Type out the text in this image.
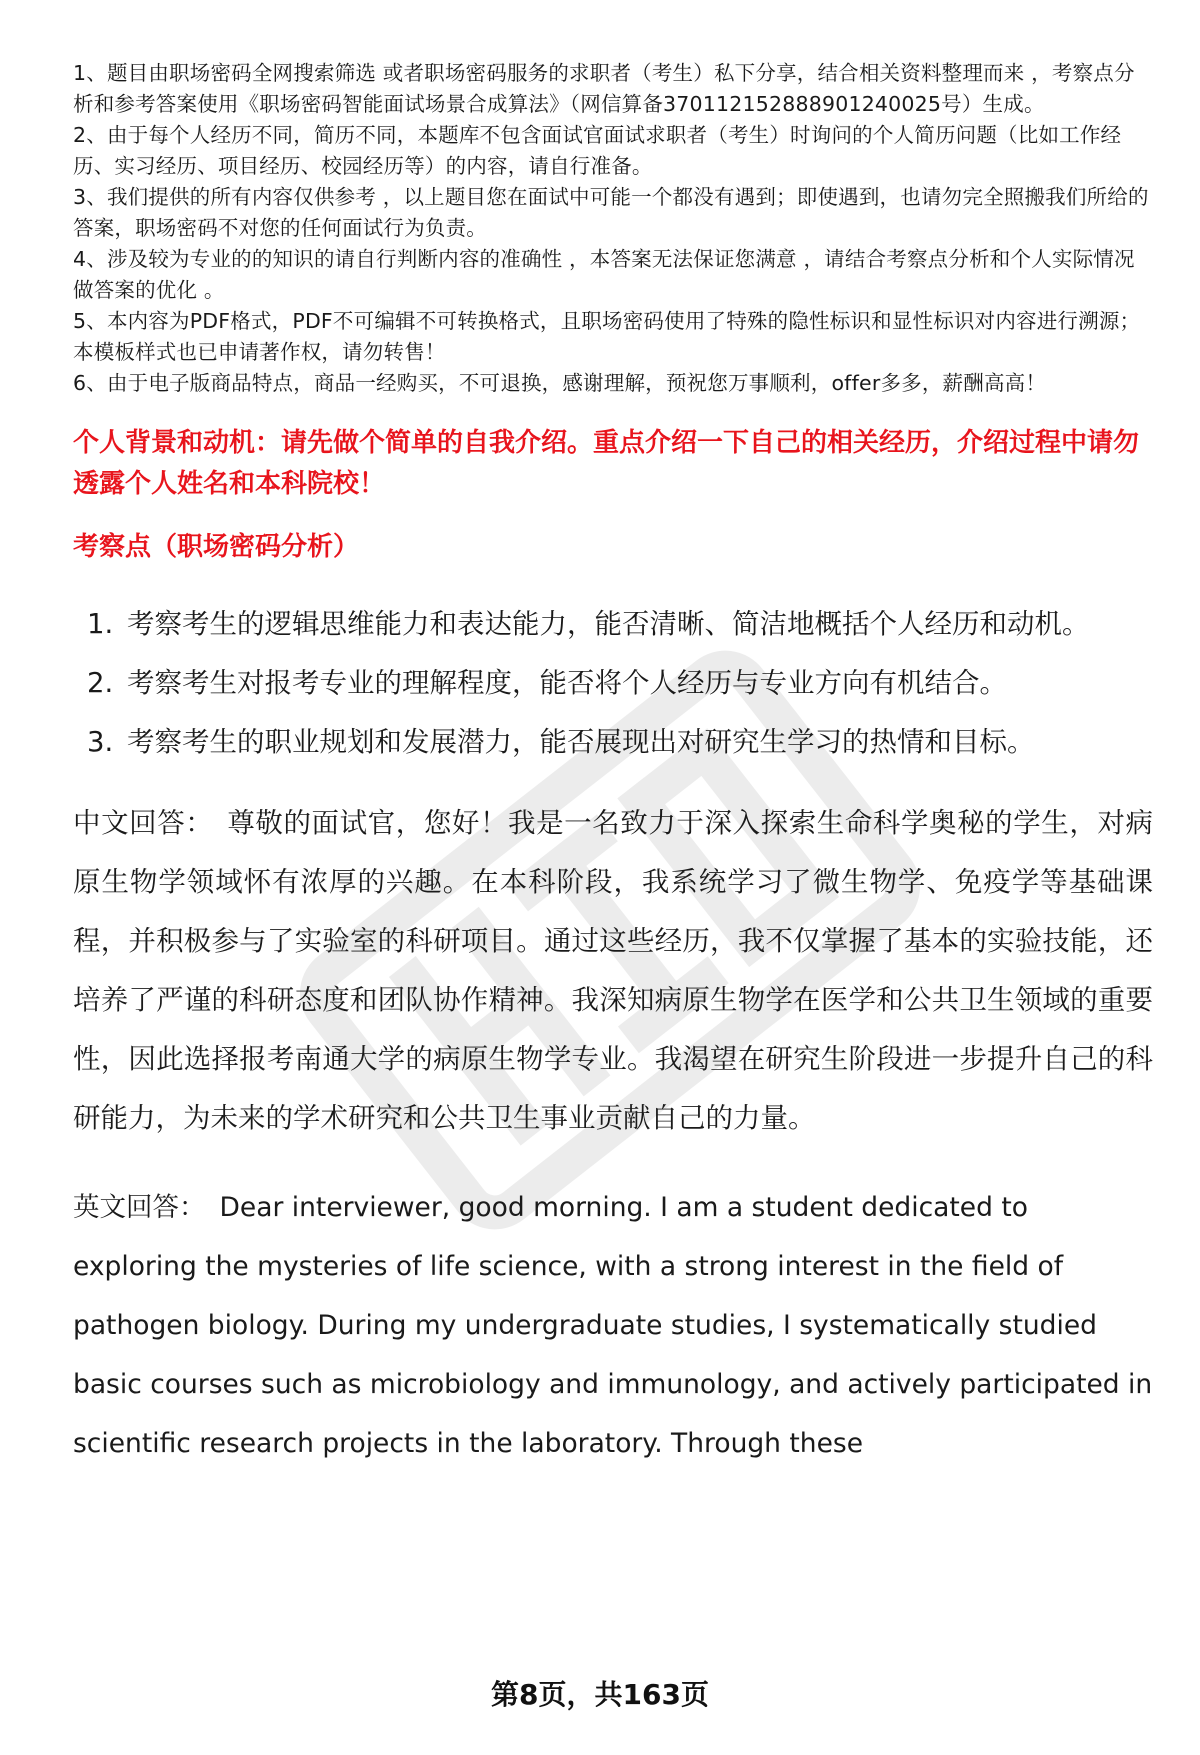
1、题目由职场密码全网搜索筛选 或者职场密码服务的求职者（考生）私下分享，结合相关资料整理而来 ，考察点分析和参考答案使用《职场密码智能面试场景合成算法》（网信算备370112152888901240025号）生成。

2、由于每个人经历不同，简历不同，本题库不包含面试官面试求职者（考生）时询问的个人简历问题（比如工作经历、实习经历、项目经历、校园经历等）的内容，请自行准备。

3、我们提供的所有内容仅供参考 ，以上题目您在面试中可能一个都没有遇到；即使遇到，也请勿完全照搬我们所给的答案，职场密码不对您的任何面试行为负责。

4、涉及较为专业的的知识的请自行判断内容的准确性 ，本答案无法保证您满意 ，请结合考察点分析和个人实际情况做答案的优化 。

5、本内容为PDF格式，PDF不可编辑不可转换格式，且职场密码使用了特殊的隐性标识和显性标识对内容进行溯源；本模板样式也已申请著作权，请勿转售！

6、由于电子版商品特点，商品一经购买，不可退换，感谢理解，预祝您万事顺利，offer多多，薪酬高高！

个人背景和动机：请先做个简单的自我介绍。重点介绍一下自己的相关经历，介绍过程中请勿透露个人姓名和本科院校！
考察点（职场密码分析）
1. 考察考生的逻辑思维能力和表达能力，能否清晰、简洁地概括个人经历和动机。
2. 考察考生对报考专业的理解程度，能否将个人经历与专业方向有机结合。
3. 考察考生的职业规划和发展潜力，能否展现出对研究生学习的热情和目标。

中文回答： 尊敬的面试官，您好！我是一名致力于深入探索生命科学奥秘的学生，对病原生物学领域怀有浓厚的兴趣。在本科阶段，我系统学习了微生物学、免疫学等基础课程，并积极参与了实验室的科研项目。通过这些经历，我不仅掌握了基本的实验技能，还培养了严谨的科研态度和团队协作精神。我深知病原生物学在医学和公共卫生领域的重要性，因此选择报考南通大学的病原生物学专业。我渴望在研究生阶段进一步提升自己的科研能力，为未来的学术研究和公共卫生事业贡献自己的力量。

英文回答： Dear interviewer, good morning. I am a student dedicated to exploring the mysteries of life science, with a strong interest in the field of pathogen biology. During my undergraduate studies, I systematically studied basic courses such as microbiology and immunology, and actively participated in scientific research projects in the laboratory. Through these

第8页，共163页
